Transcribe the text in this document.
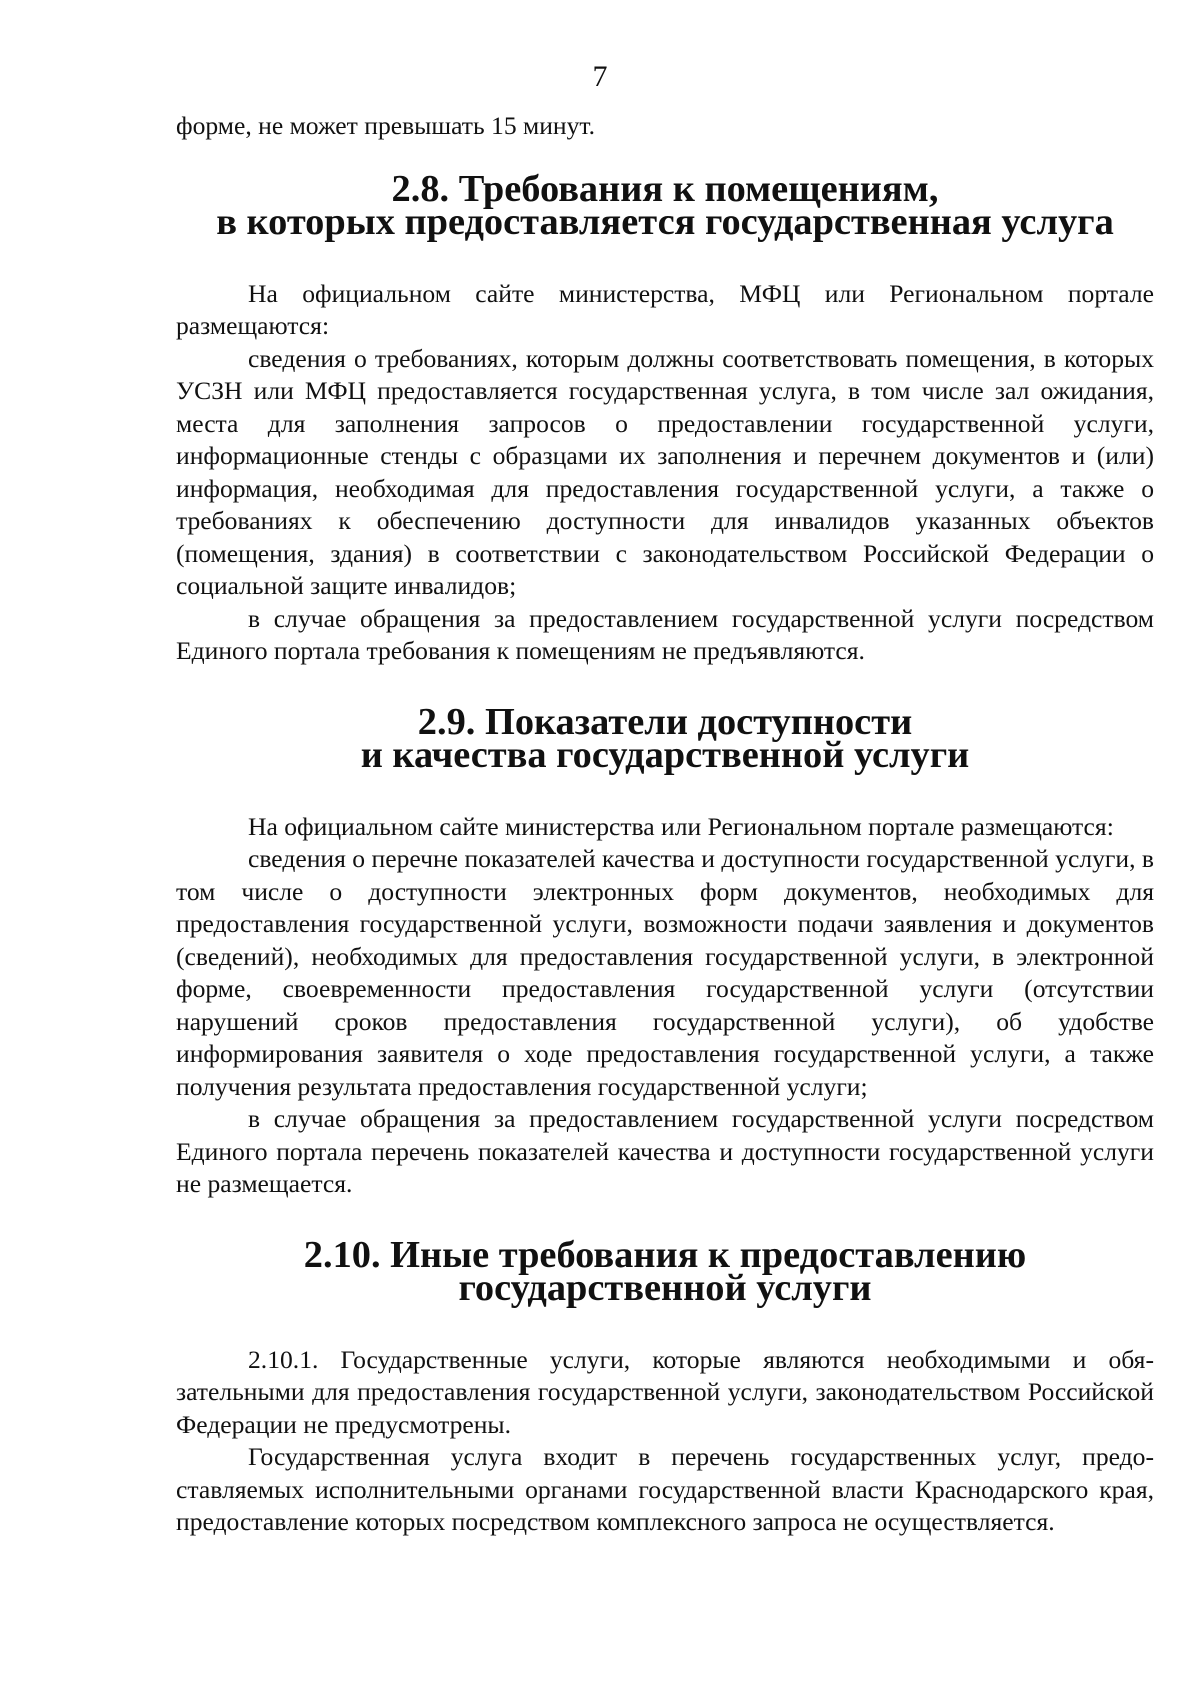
7

форме, не может превышать 15 минут.

2.8. Требования к помещениям,
в которых предоставляется государственная услуга

На официальном сайте министерства, МФЦ или Региональном портале размещаются:

сведения о требованиях, которым должны соответствовать помещения, в которых УСЗН или МФЦ предоставляется государственная услуга, в том числе зал ожидания, места для заполнения запросов о предоставлении государственной услуги, информационные стенды с образцами их заполнения и перечнем документов и (или) информация, необходимая для предоставления государственной услуги, а также о требованиях к обеспечению доступности для инвалидов указанных объектов (помещения, здания) в соответствии с законодательством Российской Федерации о социальной защите инвалидов;

в случае обращения за предоставлением государственной услуги посредством Единого портала требования к помещениям не предъявляются.

2.9. Показатели доступности
и качества государственной услуги

На официальном сайте министерства или Региональном портале размещаются:

сведения о перечне показателей качества и доступности государственной услуги, в том числе о доступности электронных форм документов, необходимых для предоставления государственной услуги, возможности подачи заявления и документов (сведений), необходимых для предоставления государственной услуги, в электронной форме, своевременности предоставления государственной услуги (отсутствии нарушений сроков предоставления государственной услуги), об удобстве информирования заявителя о ходе предоставления государственной услуги, а также получения результата предоставления государственной услуги;

в случае обращения за предоставлением государственной услуги посредством Единого портала перечень показателей качества и доступности государственной услуги не размещается.

2.10. Иные требования к предоставлению
государственной услуги

2.10.1. Государственные услуги, которые являются необходимыми и обязательными для предоставления государственной услуги, законодательством Российской Федерации не предусмотрены.

Государственная услуга входит в перечень государственных услуг, предоставляемых исполнительными органами государственной власти Краснодарского края, предоставление которых посредством комплексного запроса не осуществляется.
